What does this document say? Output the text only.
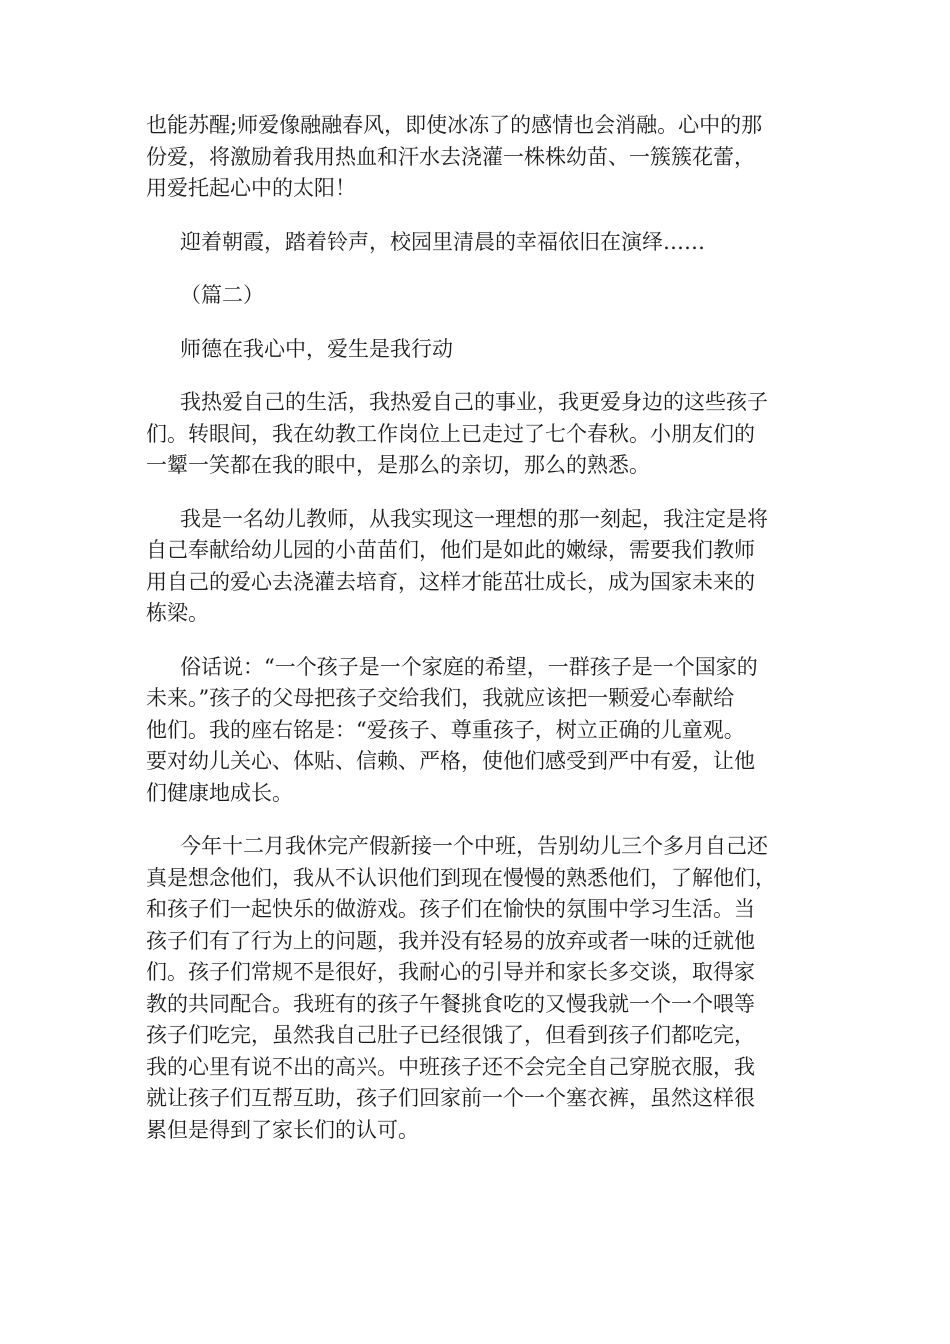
也能苏醒;师爱像融融春风，即使冰冻了的感情也会消融。心中的那
份爱，将激励着我用热血和汗水去浇灌一株株幼苗、一簇簇花蕾，
用爱托起心中的太阳！

迎着朝霞，踏着铃声，校园里清晨的幸福依旧在演绎……

（篇二）

师德在我心中，爱生是我行动

我热爱自己的生活，我热爱自己的事业，我更爱身边的这些孩子
们。转眼间，我在幼教工作岗位上已走过了七个春秋。小朋友们的
一颦一笑都在我的眼中，是那么的亲切，那么的熟悉。

我是一名幼儿教师，从我实现这一理想的那一刻起，我注定是将
自己奉献给幼儿园的小苗苗们，他们是如此的嫩绿，需要我们教师
用自己的爱心去浇灌去培育，这样才能茁壮成长，成为国家未来的
栋梁。

俗话说：“一个孩子是一个家庭的希望，一群孩子是一个国家的
未来。”孩子的父母把孩子交给我们，我就应该把一颗爱心奉献给
他们。我的座右铭是：“爱孩子、尊重孩子，树立正确的儿童观。
要对幼儿关心、体贴、信赖、严格，使他们感受到严中有爱，让他
们健康地成长。

今年十二月我休完产假新接一个中班，告别幼儿三个多月自己还
真是想念他们，我从不认识他们到现在慢慢的熟悉他们，了解他们，
和孩子们一起快乐的做游戏。孩子们在愉快的氛围中学习生活。当
孩子们有了行为上的问题，我并没有轻易的放弃或者一味的迁就他
们。孩子们常规不是很好，我耐心的引导并和家长多交谈，取得家
教的共同配合。我班有的孩子午餐挑食吃的又慢我就一个一个喂等
孩子们吃完，虽然我自己肚子已经很饿了，但看到孩子们都吃完，
我的心里有说不出的高兴。中班孩子还不会完全自己穿脱衣服，我
就让孩子们互帮互助，孩子们回家前一个一个塞衣裤，虽然这样很
累但是得到了家长们的认可。
